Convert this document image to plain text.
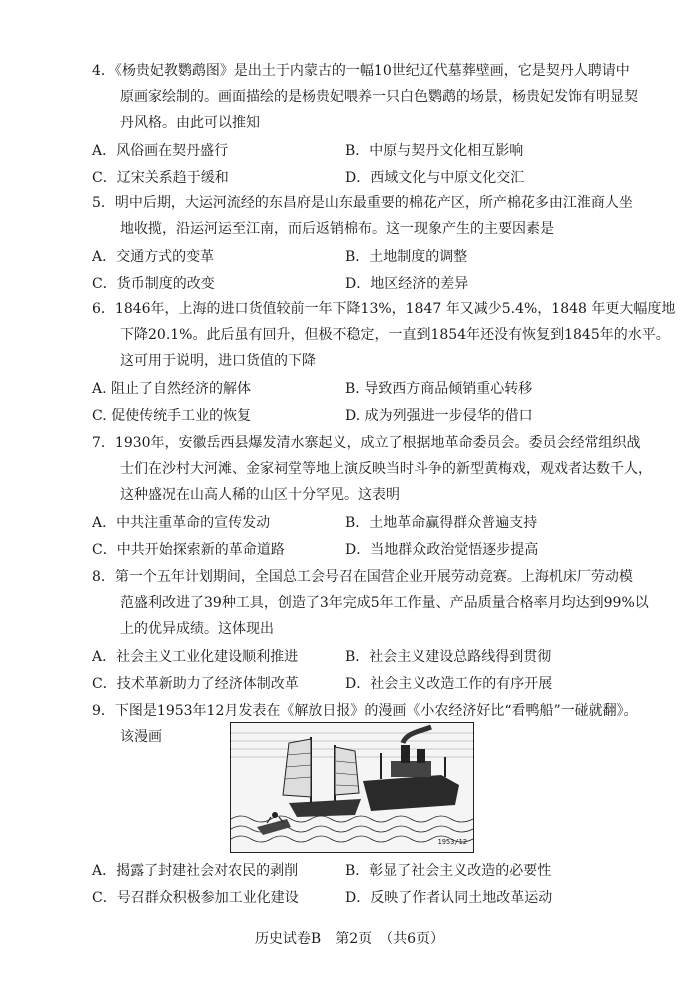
4．《杨贵妃教鹦鹉图》是出土于内蒙古的一幅10世纪辽代墓葬壁画，它是契丹人聘请中
原画家绘制的。画面描绘的是杨贵妃喂养一只白色鹦鹉的场景，杨贵妃发饰有明显契
丹风格。由此可以推知
A．风俗画在契丹盛行	B．中原与契丹文化相互影响
C．辽宋关系趋于缓和	D．西域文化与中原文化交汇
5．明中后期，大运河流经的东昌府是山东最重要的棉花产区，所产棉花多由江淮商人坐
地收揽，沿运河运至江南，而后返销棉布。这一现象产生的主要因素是
A．交通方式的变革	B．土地制度的调整
C．货币制度的改变	D．地区经济的差异
6．1846年，上海的进口货值较前一年下降13%，1847 年又减少5.4%，1848 年更大幅度地
下降20.1%。此后虽有回升，但极不稳定，一直到1854年还没有恢复到1845年的水平。
这可用于说明，进口货值的下降
A. 阻止了自然经济的解体	B. 导致西方商品倾销重心转移
C. 促使传统手工业的恢复	D. 成为列强进一步侵华的借口
7．1930年，安徽岳西县爆发清水寨起义，成立了根据地革命委员会。委员会经常组织战
士们在沙村大河滩、金家祠堂等地上演反映当时斗争的新型黄梅戏，观戏者达数千人，
这种盛况在山高人稀的山区十分罕见。这表明
A．中共注重革命的宣传发动	B．土地革命赢得群众普遍支持
C．中共开始探索新的革命道路	D．当地群众政治觉悟逐步提高
8．第一个五年计划期间，全国总工会号召在国营企业开展劳动竞赛。上海机床厂劳动模
范盛利改进了39种工具，创造了3年完成5年工作量、产品质量合格率月均达到99%以
上的优异成绩。这体现出
A．社会主义工业化建设顺利推进	B．社会主义建设总路线得到贯彻
C．技术革新助力了经济体制改革	D．社会主义改造工作的有序开展
9．下图是1953年12月发表在《解放日报》的漫画《小农经济好比“看鸭船”一碰就翻》。
该漫画
1953/12
A．揭露了封建社会对农民的剥削	B．彰显了社会主义改造的必要性
C．号召群众积极参加工业化建设	D．反映了作者认同土地改革运动
历史试卷B　第2页　（共6页）
